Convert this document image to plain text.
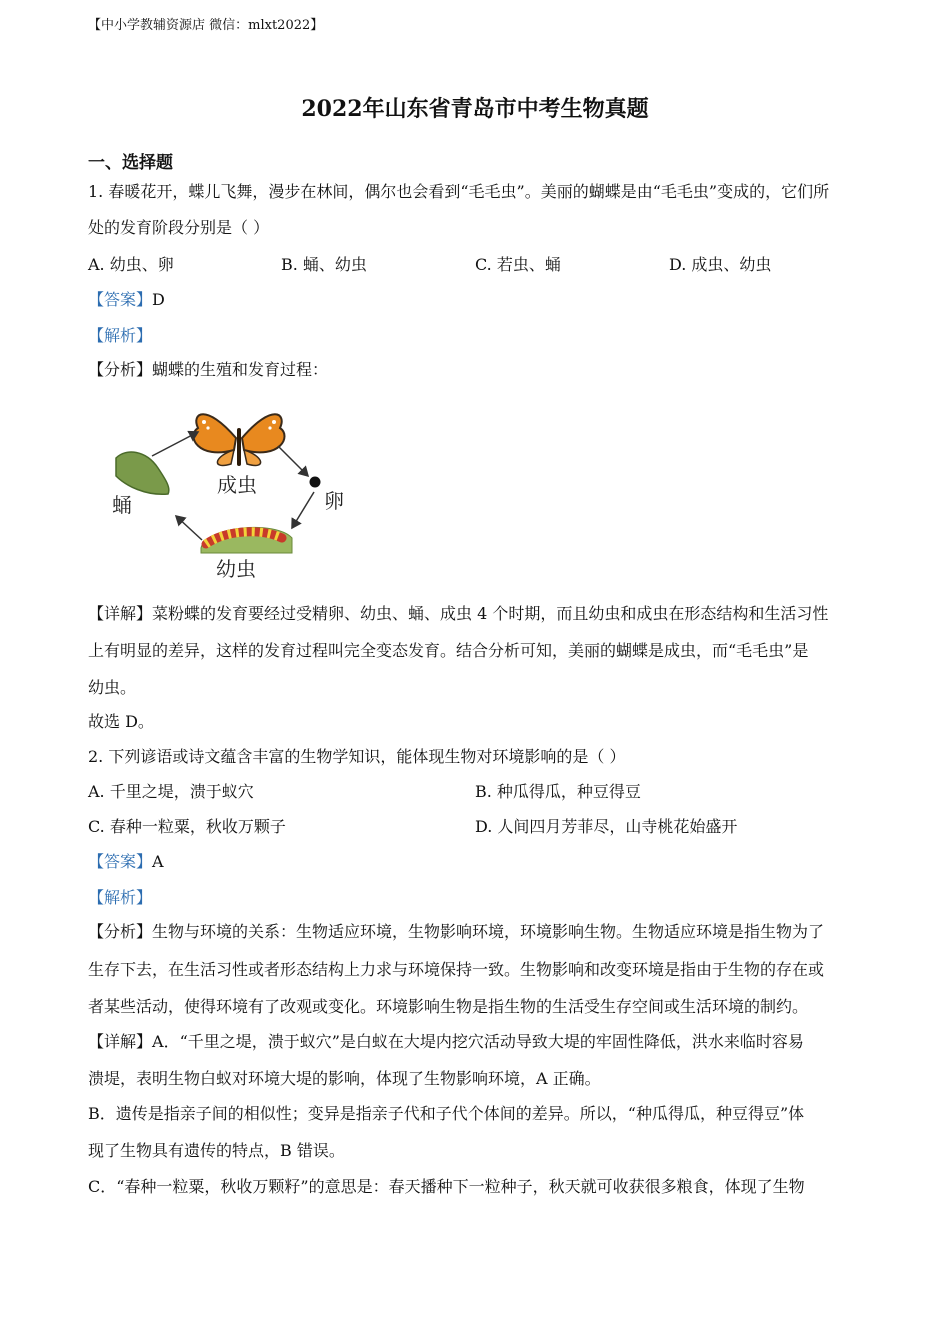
【中小学教辅资源店 微信：mlxt2022】
2022年山东省青岛市中考生物真题
一、选择题
1. 春暖花开，蝶儿飞舞，漫步在林间，偶尔也会看到“毛毛虫”。美丽的蝴蝶是由“毛毛虫”变成的，它们所
处的发育阶段分别是（ ）
A. 幼虫、卵	B. 蛹、幼虫	C. 若虫、蛹	D. 成虫、幼虫
【答案】D
【解析】
【分析】蝴蝶的生殖和发育过程：
成虫
卵
幼虫
蛹
【详解】菜粉蝶的发育要经过受精卵、幼虫、蛹、成虫 4 个时期，而且幼虫和成虫在形态结构和生活习性
上有明显的差异，这样的发育过程叫完全变态发育。结合分析可知，美丽的蝴蝶是成虫，而“毛毛虫”是
幼虫。
故选 D。
2. 下列谚语或诗文蕴含丰富的生物学知识，能体现生物对环境影响的是（ ）
A. 千里之堤，溃于蚁穴	B. 种瓜得瓜，种豆得豆
C. 春种一粒粟，秋收万颗子	D. 人间四月芳菲尽，山寺桃花始盛开
【答案】A
【解析】
【分析】生物与环境的关系：生物适应环境，生物影响环境，环境影响生物。生物适应环境是指生物为了
生存下去，在生活习性或者形态结构上力求与环境保持一致。生物影响和改变环境是指由于生物的存在或
者某些活动，使得环境有了改观或变化。环境影响生物是指生物的生活受生存空间或生活环境的制约。
【详解】A．“千里之堤，溃于蚁穴”是白蚁在大堤内挖穴活动导致大堤的牢固性降低，洪水来临时容易
溃堤，表明生物白蚁对环境大堤的影响，体现了生物影响环境，A 正确。
B．遗传是指亲子间的相似性；变异是指亲子代和子代个体间的差异。所以，“种瓜得瓜，种豆得豆”体
现了生物具有遗传的特点，B 错误。
C．“春种一粒粟，秋收万颗籽”的意思是：春天播种下一粒种子，秋天就可收获很多粮食，体现了生物
